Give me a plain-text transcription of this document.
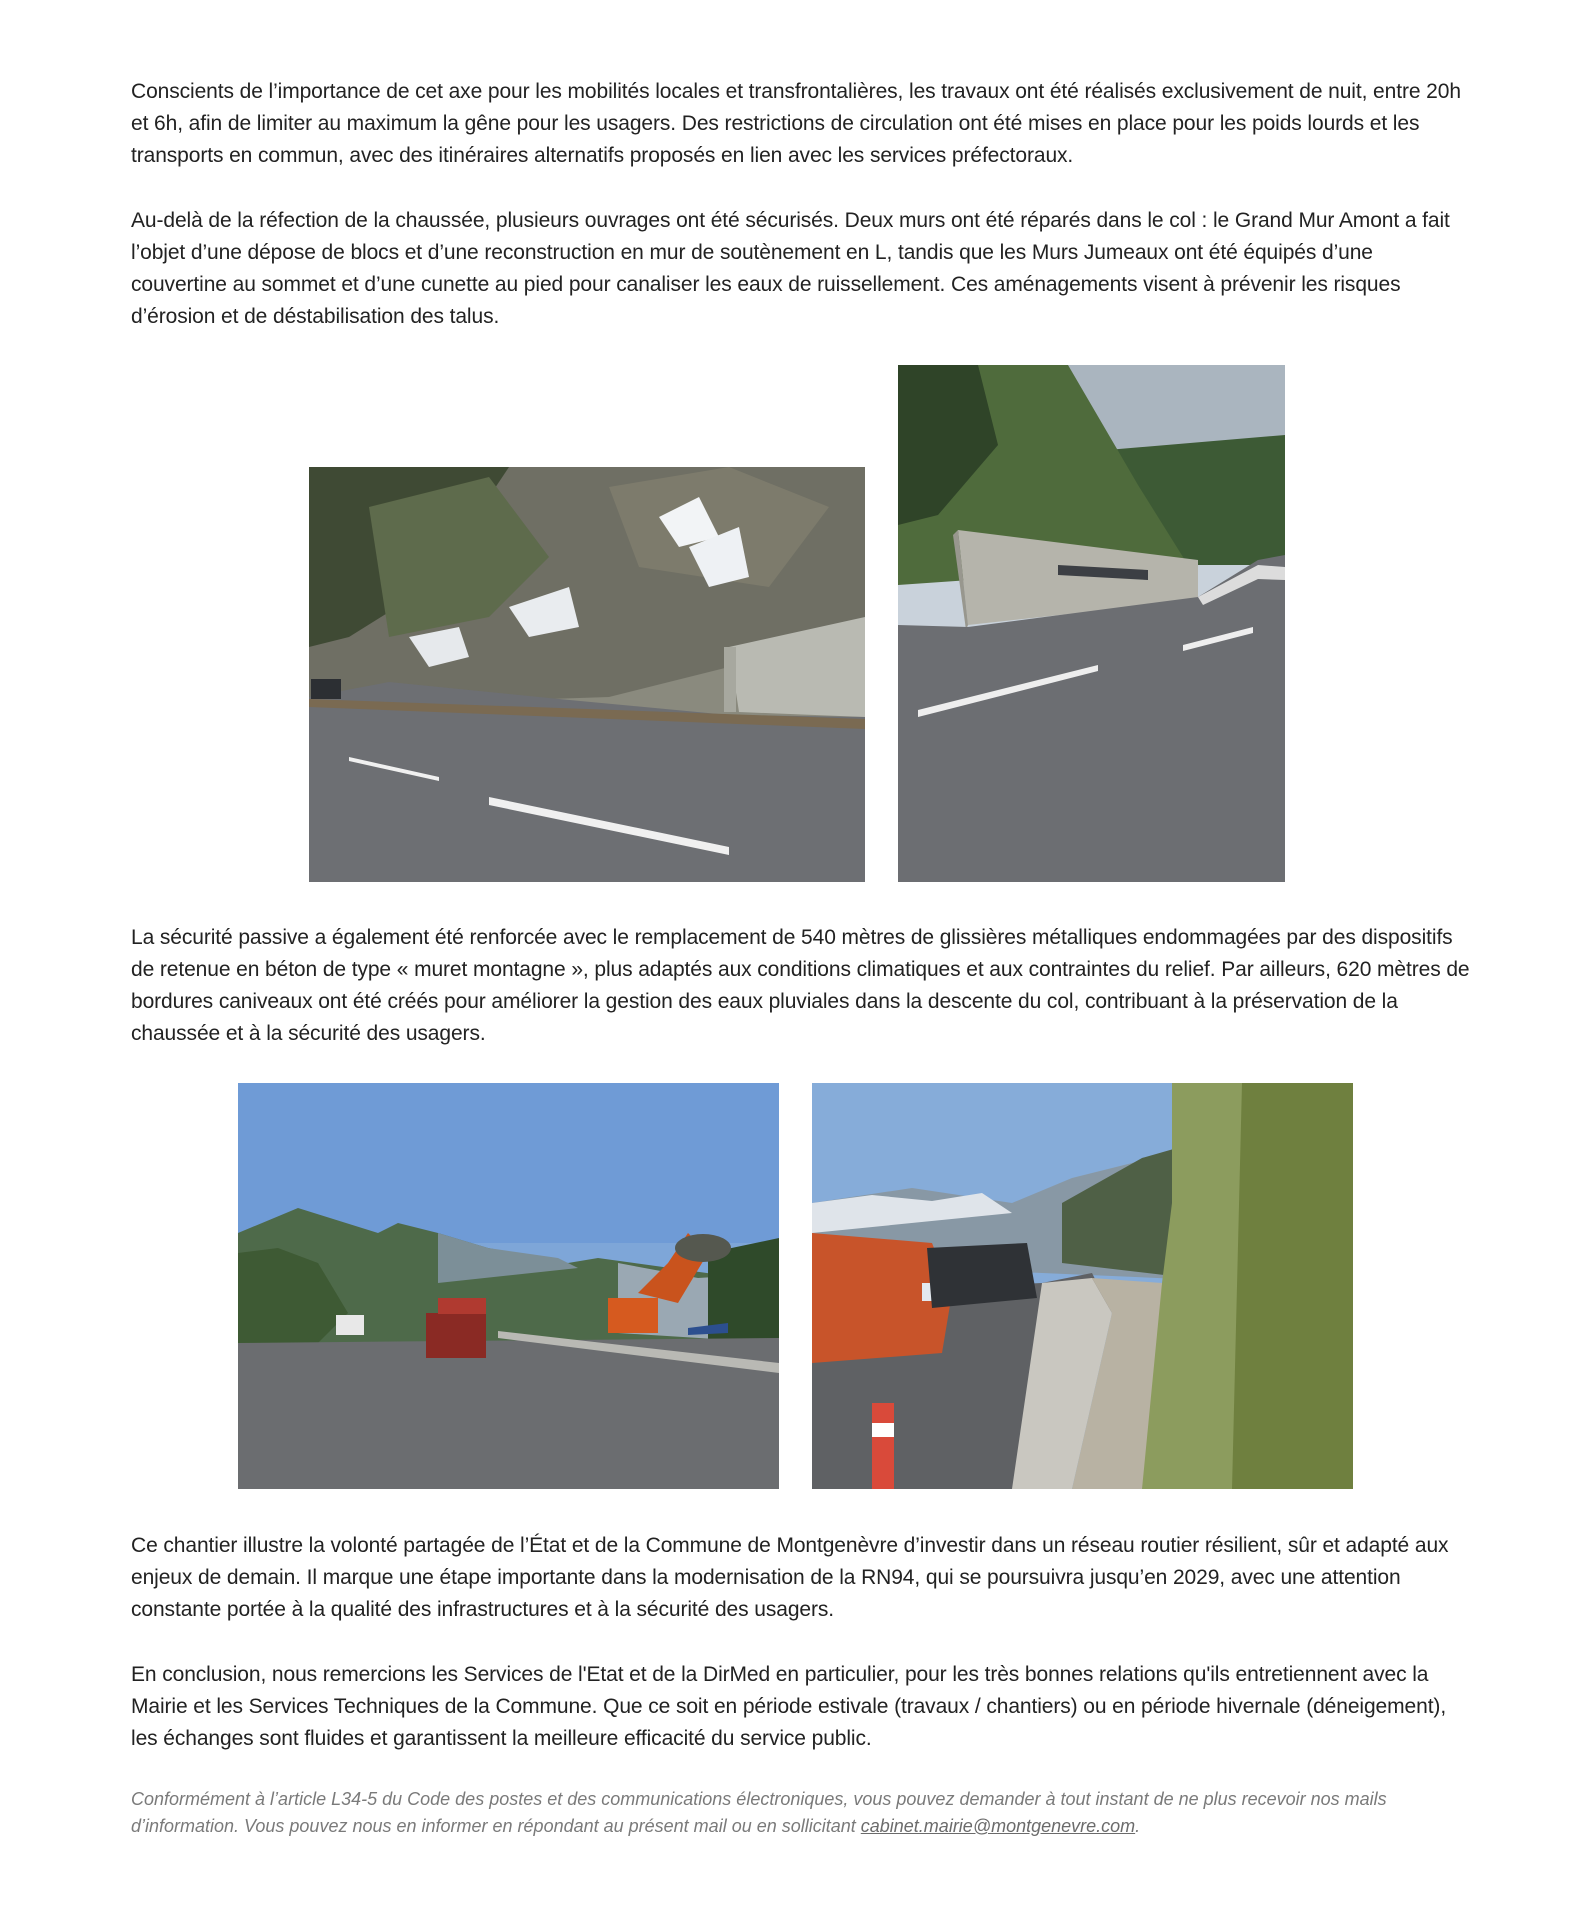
Conscients de l’importance de cet axe pour les mobilités locales et transfrontalières, les travaux ont été réalisés exclusivement de nuit, entre 20h et 6h, afin de limiter au maximum la gêne pour les usagers. Des restrictions de circulation ont été mises en place pour les poids lourds et les transports en commun, avec des itinéraires alternatifs proposés en lien avec les services préfectoraux.

Au-delà de la réfection de la chaussée, plusieurs ouvrages ont été sécurisés. Deux murs ont été réparés dans le col : le Grand Mur Amont a fait l’objet d’une dépose de blocs et d’une reconstruction en mur de soutènement en L, tandis que les Murs Jumeaux ont été équipés d’une couvertine au sommet et d’une cunette au pied pour canaliser les eaux de ruissellement. Ces aménagements visent à prévenir les risques d’érosion et de déstabilisation des talus.

La sécurité passive a également été renforcée avec le remplacement de 540 mètres de glissières métalliques endommagées par des dispositifs de retenue en béton de type « muret montagne », plus adaptés aux conditions climatiques et aux contraintes du relief. Par ailleurs, 620 mètres de bordures caniveaux ont été créés pour améliorer la gestion des eaux pluviales dans la descente du col, contribuant à la préservation de la chaussée et à la sécurité des usagers.

Ce chantier illustre la volonté partagée de l’État et de la Commune de Montgenèvre d’investir dans un réseau routier résilient, sûr et adapté aux enjeux de demain. Il marque une étape importante dans la modernisation de la RN94, qui se poursuivra jusqu’en 2029, avec une attention constante portée à la qualité des infrastructures et à la sécurité des usagers.

En conclusion, nous remercions les Services de l'Etat et de la DirMed en particulier, pour les très bonnes relations qu'ils entretiennent avec la Mairie et les Services Techniques de la Commune. Que ce soit en période estivale (travaux / chantiers) ou en période hivernale (déneigement), les échanges sont fluides et garantissent la meilleure efficacité du service public.

Conformément à l’article L34-5 du Code des postes et des communications électroniques, vous pouvez demander à tout instant de ne plus recevoir nos mails d’information. Vous pouvez nous en informer en répondant au présent mail ou en sollicitant cabinet.mairie@montgenevre.com.
